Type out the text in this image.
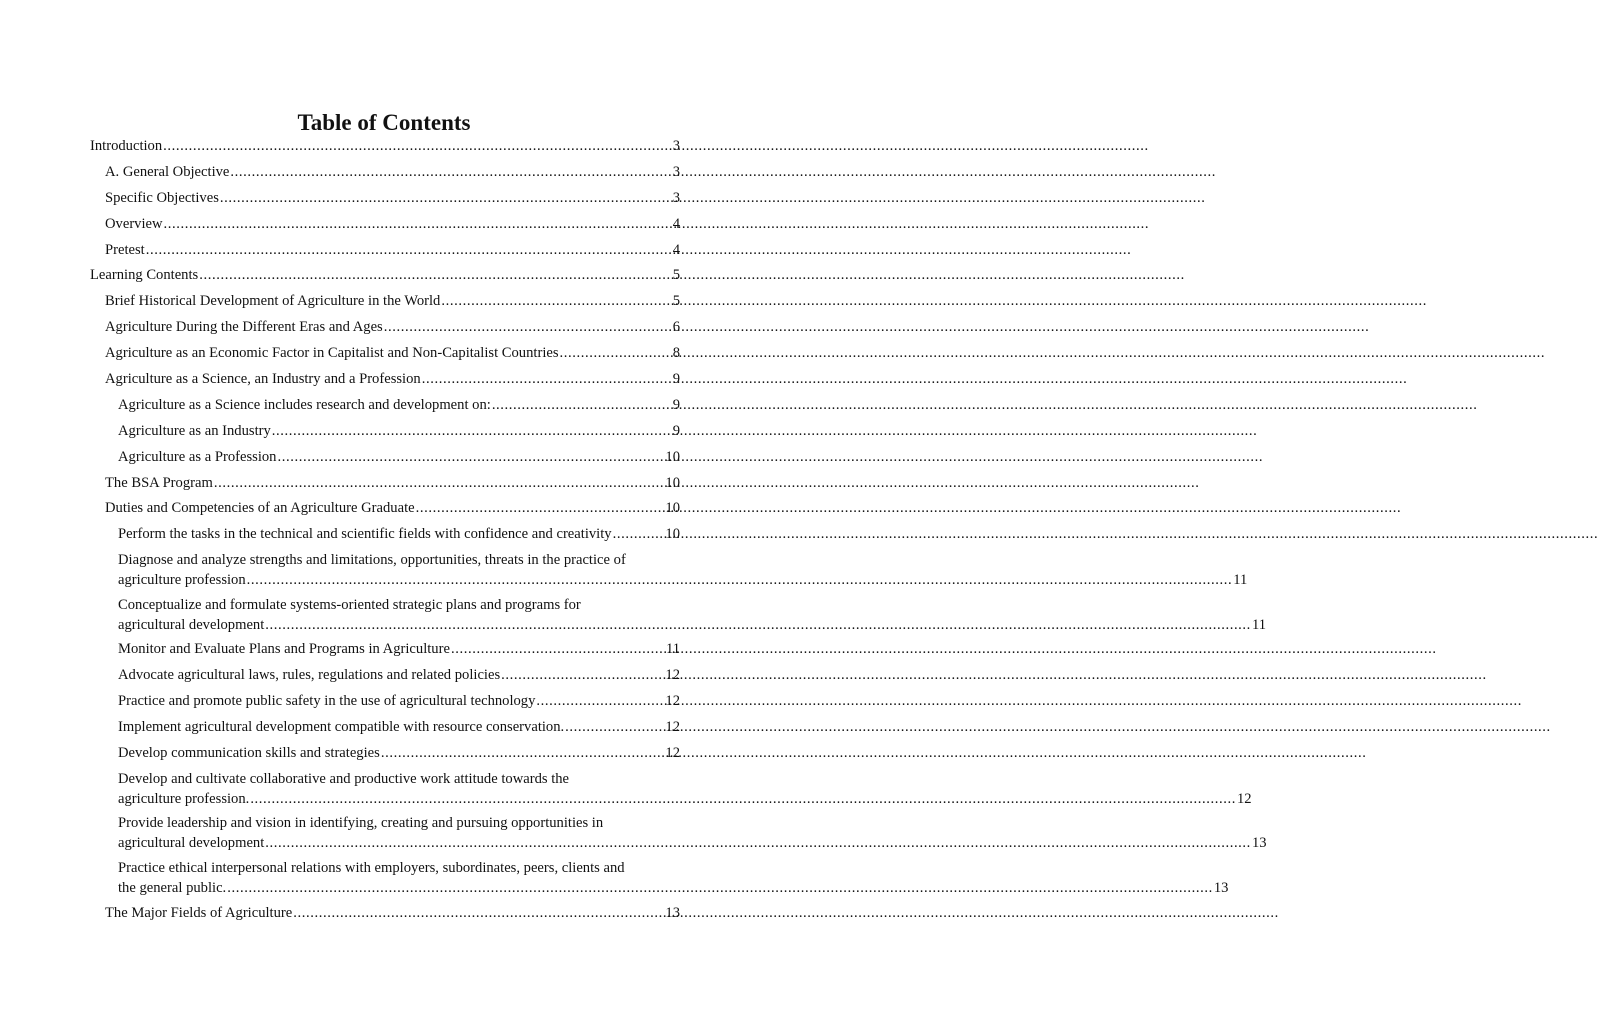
Table of Contents
Introduction .....	3
A. General Objective .....	3
Specific Objectives .....	3
Overview .....	4
Pretest .....	4
Learning Contents .....	5
Brief Historical Development of Agriculture in the World .....	5
Agriculture During the Different Eras and Ages .....	6
Agriculture as an Economic Factor in Capitalist and Non-Capitalist Countries .....	8
Agriculture as a Science, an Industry and a Profession .....	9
Agriculture as a Science includes research and development on: .....	9
Agriculture as an Industry .....	9
Agriculture as a Profession .....	10
The BSA Program .....	10
Duties and Competencies of an Agriculture Graduate .....	10
Perform the tasks in the technical and scientific fields with confidence and creativity .....	10
Diagnose and analyze strengths and limitations, opportunities, threats in the practice of
agriculture profession .....	11
Conceptualize and formulate systems-oriented strategic plans and programs for
agricultural development .....	11
Monitor and Evaluate Plans and Programs in Agriculture .....	11
Advocate agricultural laws, rules, regulations and related policies .....	12
Practice and promote public safety in the use of agricultural technology .....	12
Implement agricultural development compatible with resource conservation. .....	12
Develop communication skills and strategies .....	12
Develop and cultivate collaborative and productive work attitude towards the
agriculture profession. .....	12
Provide leadership and vision in identifying, creating and pursuing opportunities in
agricultural development .....	13
Practice ethical interpersonal relations with employers, subordinates, peers, clients and
the general public. .....	13
The Major Fields of Agriculture .....	13
